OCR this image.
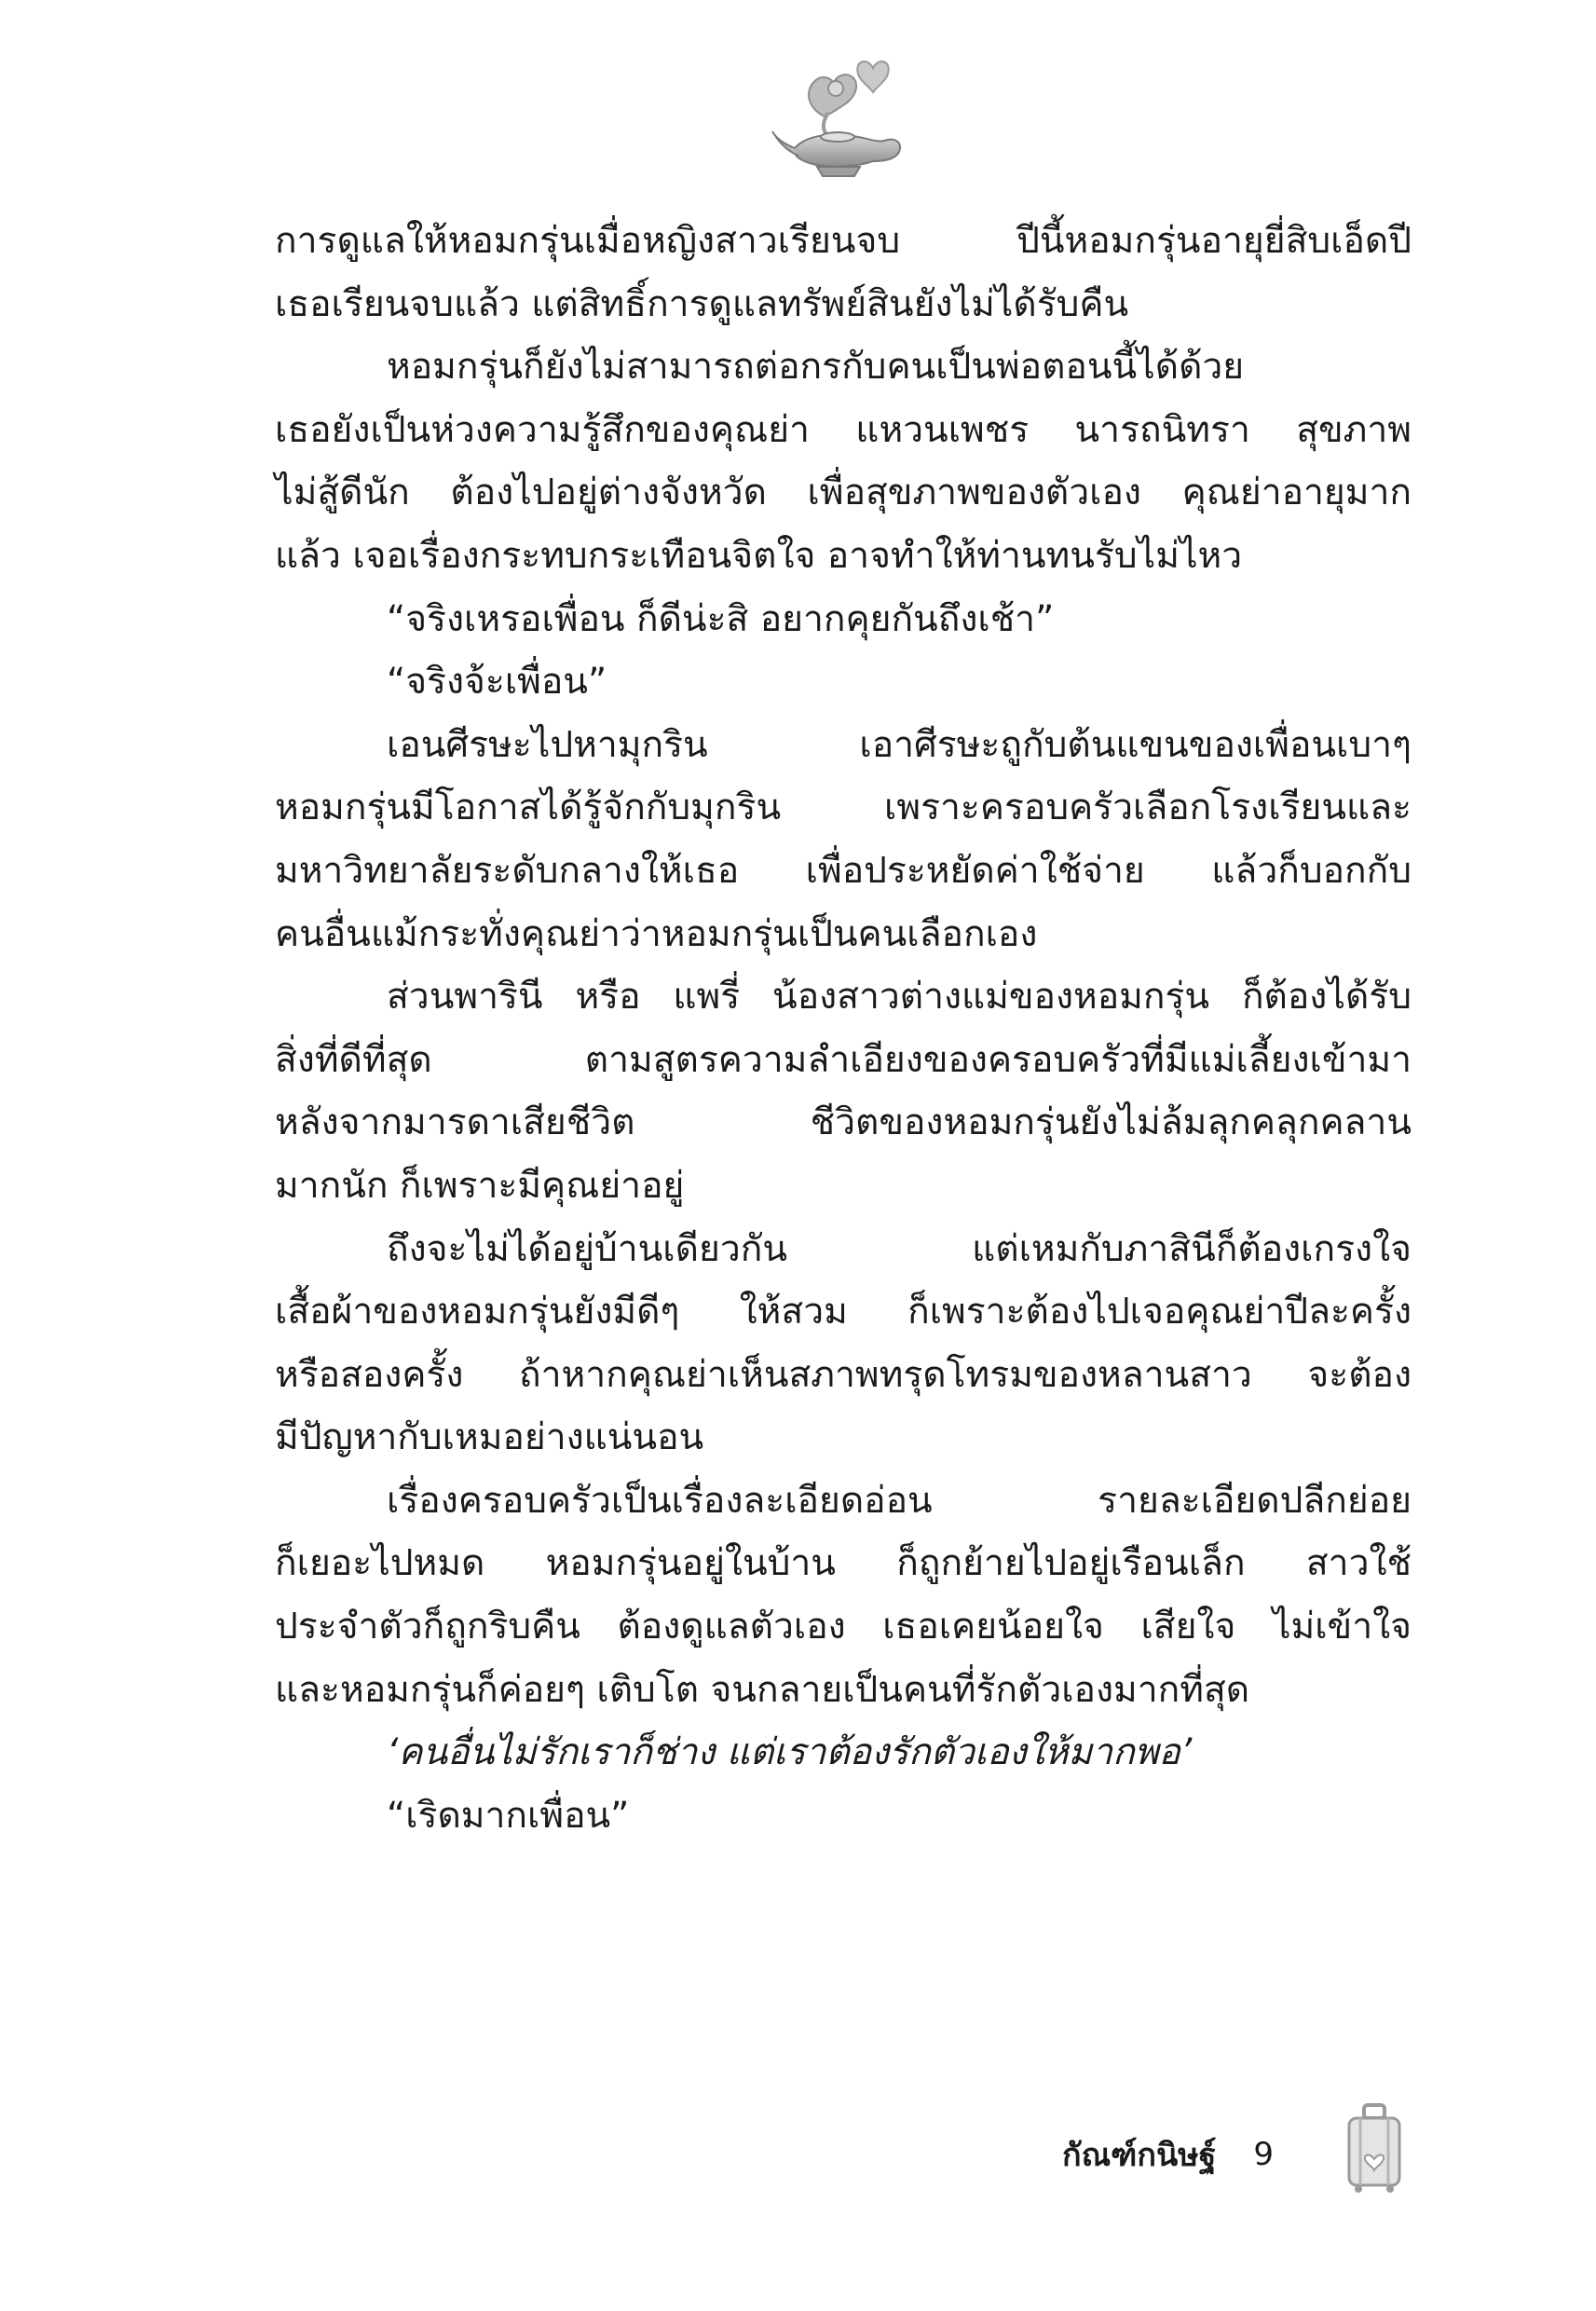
การดูแลให้หอมกรุ่นเมื่อหญิงสาวเรียนจบ ปีนี้หอมกรุ่นอายุยี่สิบเอ็ดปี

เธอเรียนจบแล้ว แต่สิทธิ์การดูแลทรัพย์สินยังไม่ได้รับคืน

หอมกรุ่นก็ยังไม่สามารถต่อกรกับคนเป็นพ่อตอนนี้ได้ด้วย

เธอยังเป็นห่วงความรู้สึกของคุณย่า แหวนเพชร นารถนิทรา สุขภาพ

ไม่สู้ดีนัก ต้องไปอยู่ต่างจังหวัด เพื่อสุขภาพของตัวเอง คุณย่าอายุมาก

แล้ว เจอเรื่องกระทบกระเทือนจิตใจ อาจทำให้ท่านทนรับไม่ไหว

“จริงเหรอเพื่อน ก็ดีน่ะสิ อยากคุยกันถึงเช้า”

“จริงจ้ะเพื่อน”

เอนศีรษะไปหามุกริน เอาศีรษะถูกับต้นแขนของเพื่อนเบาๆ

หอมกรุ่นมีโอกาสได้รู้จักกับมุกริน เพราะครอบครัวเลือกโรงเรียนและ

มหาวิทยาลัยระดับกลางให้เธอ เพื่อประหยัดค่าใช้จ่าย แล้วก็บอกกับ

คนอื่นแม้กระทั่งคุณย่าว่าหอมกรุ่นเป็นคนเลือกเอง

ส่วนพารินี หรือ แพรี่ น้องสาวต่างแม่ของหอมกรุ่น ก็ต้องได้รับ

สิ่งที่ดีที่สุด ตามสูตรความลำเอียงของครอบครัวที่มีแม่เลี้ยงเข้ามา

หลังจากมารดาเสียชีวิต ชีวิตของหอมกรุ่นยังไม่ล้มลุกคลุกคลาน

มากนัก ก็เพราะมีคุณย่าอยู่

ถึงจะไม่ได้อยู่บ้านเดียวกัน แต่เหมกับภาสินีก็ต้องเกรงใจ

เสื้อผ้าของหอมกรุ่นยังมีดีๆ ให้สวม ก็เพราะต้องไปเจอคุณย่าปีละครั้ง

หรือสองครั้ง ถ้าหากคุณย่าเห็นสภาพทรุดโทรมของหลานสาว จะต้อง

มีปัญหากับเหมอย่างแน่นอน

เรื่องครอบครัวเป็นเรื่องละเอียดอ่อน รายละเอียดปลีกย่อย

ก็เยอะไปหมด หอมกรุ่นอยู่ในบ้าน ก็ถูกย้ายไปอยู่เรือนเล็ก สาวใช้

ประจำตัวก็ถูกริบคืน ต้องดูแลตัวเอง เธอเคยน้อยใจ เสียใจ ไม่เข้าใจ

และหอมกรุ่นก็ค่อยๆ เติบโต จนกลายเป็นคนที่รักตัวเองมากที่สุด

‘คนอื่นไม่รักเราก็ช่าง แต่เราต้องรักตัวเองให้มากพอ’

“เริดมากเพื่อน”

กัณฑ์กนิษฐ์ 9
